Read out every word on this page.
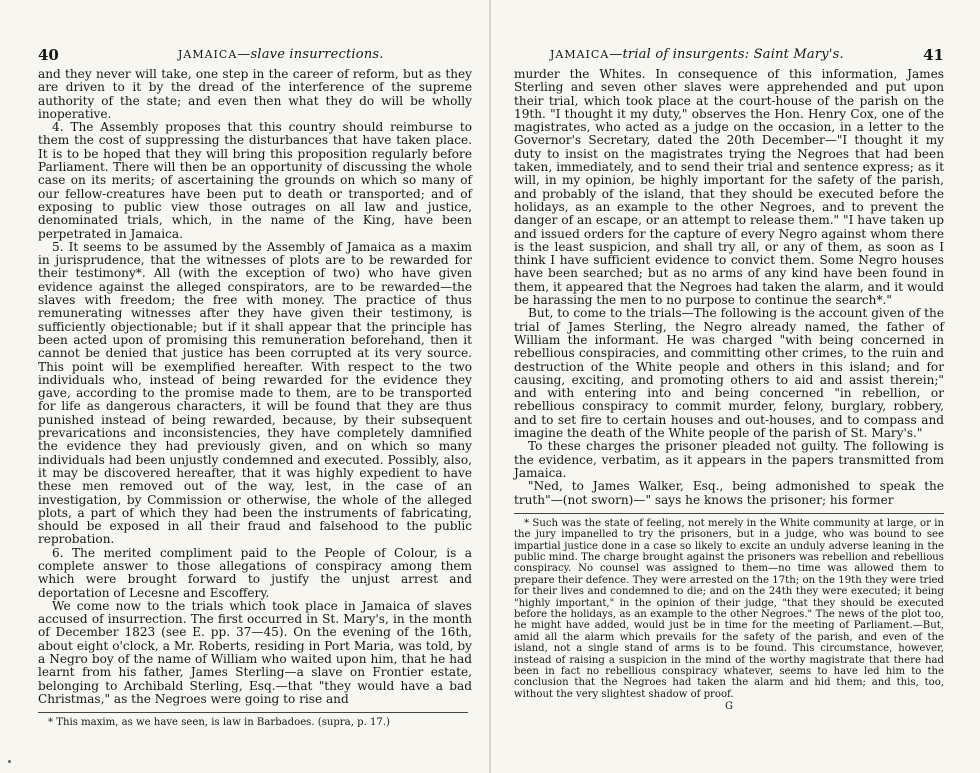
40	JAMAICA—slave insurrections.

and they never will take, one step in the career of reform, but as they are driven to it by the dread of the interference of the supreme authority of the state; and even then what they do will be wholly inoperative.

4. The Assembly proposes that this country should reimburse to them the cost of suppressing the disturbances that have taken place. It is to be hoped that they will bring this proposition regularly before Parliament. There will then be an opportunity of discussing the whole case on its merits; of ascertaining the grounds on which so many of our fellow-creatures have been put to death or transported; and of exposing to public view those outrages on all law and justice, denominated trials, which, in the name of the King, have been perpetrated in Jamaica.

5. It seems to be assumed by the Assembly of Jamaica as a maxim in jurisprudence, that the witnesses of plots are to be rewarded for their testimony*. All (with the exception of two) who have given evidence against the alleged conspirators, are to be rewarded—the slaves with freedom; the free with money. The practice of thus remunerating witnesses after they have given their testimony, is sufficiently objectionable; but if it shall appear that the principle has been acted upon of promising this remuneration beforehand, then it cannot be denied that justice has been corrupted at its very source. This point will be exemplified hereafter. With respect to the two individuals who, instead of being rewarded for the evidence they gave, according to the promise made to them, are to be transported for life as dangerous characters, it will be found that they are thus punished instead of being rewarded, because, by their subsequent prevarications and inconsistencies, they have completely damnified the evidence they had previously given, and on which so many individuals had been unjustly condemned and executed. Possibly, also, it may be discovered hereafter, that it was highly expedient to have these men removed out of the way, lest, in the case of an investigation, by Commission or otherwise, the whole of the alleged plots, a part of which they had been the instruments of fabricating, should be exposed in all their fraud and falsehood to the public reprobation.

6. The merited compliment paid to the People of Colour, is a complete answer to those allegations of conspiracy among them which were brought forward to justify the unjust arrest and deportation of Lecesne and Escoffery.

We come now to the trials which took place in Jamaica of slaves accused of insurrection. The first occurred in St. Mary's, in the month of December 1823 (see E. pp. 37—45). On the evening of the 16th, about eight o'clock, a Mr. Roberts, residing in Port Maria, was told, by a Negro boy of the name of William who waited upon him, that he had learnt from his father, James Sterling—a slave on Frontier estate, belonging to Archibald Sterling, Esq.—that "they would have a bad Christmas," as the Negroes were going to rise and

* This maxim, as we have seen, is law in Barbadoes. (supra, p. 17.)

JAMAICA—trial of insurgents: Saint Mary's.	41

murder the Whites. In consequence of this information, James Sterling and seven other slaves were apprehended and put upon their trial, which took place at the court-house of the parish on the 19th. "I thought it my duty," observes the Hon. Henry Cox, one of the magistrates, who acted as a judge on the occasion, in a letter to the Governor's Secretary, dated the 20th December—"I thought it my duty to insist on the magistrates trying the Negroes that had been taken, immediately, and to send their trial and sentence express; as it will, in my opinion, be highly important for the safety of the parish, and probably of the island, that they should be executed before the holidays, as an example to the other Negroes, and to prevent the danger of an escape, or an attempt to release them." "I have taken up and issued orders for the capture of every Negro against whom there is the least suspicion, and shall try all, or any of them, as soon as I think I have sufficient evidence to convict them. Some Negro houses have been searched; but as no arms of any kind have been found in them, it appeared that the Negroes had taken the alarm, and it would be harassing the men to no purpose to continue the search*."

But, to come to the trials—The following is the account given of the trial of James Sterling, the Negro already named, the father of William the informant. He was charged "with being concerned in rebellious conspiracies, and committing other crimes, to the ruin and destruction of the White people and others in this island; and for causing, exciting, and promoting others to aid and assist therein;" and with entering into and being concerned "in rebellion, or rebellious conspiracy to commit murder, felony, burglary, robbery, and to set fire to certain houses and out-houses, and to compass and imagine the death of the White people of the parish of St. Mary's."

To these charges the prisoner pleaded not guilty. The following is the evidence, verbatim, as it appears in the papers transmitted from Jamaica.

"Ned, to James Walker, Esq., being admonished to speak the truth"—(not sworn)—" says he knows the prisoner; his former

* Such was the state of feeling, not merely in the White community at large, or in the jury impanelled to try the prisoners, but in a judge, who was bound to see impartial justice done in a case so likely to excite an unduly adverse leaning in the public mind. The charge brought against the prisoners was rebellion and rebellious conspiracy. No counsel was assigned to them—no time was allowed them to prepare their defence. They were arrested on the 17th; on the 19th they were tried for their lives and condemned to die; and on the 24th they were executed; it being "highly important," in the opinion of their judge, "that they should be executed before the holidays, as an example to the other Negroes." The news of the plot too, he might have added, would just be in time for the meeting of Parliament.—But, amid all the alarm which prevails for the safety of the parish, and even of the island, not a single stand of arms is to be found. This circumstance, however, instead of raising a suspicion in the mind of the worthy magistrate that there had been in fact no rebellious conspiracy whatever, seems to have led him to the conclusion that the Negroes had taken the alarm and hid them; and this, too, without the very slightest shadow of proof.

G
